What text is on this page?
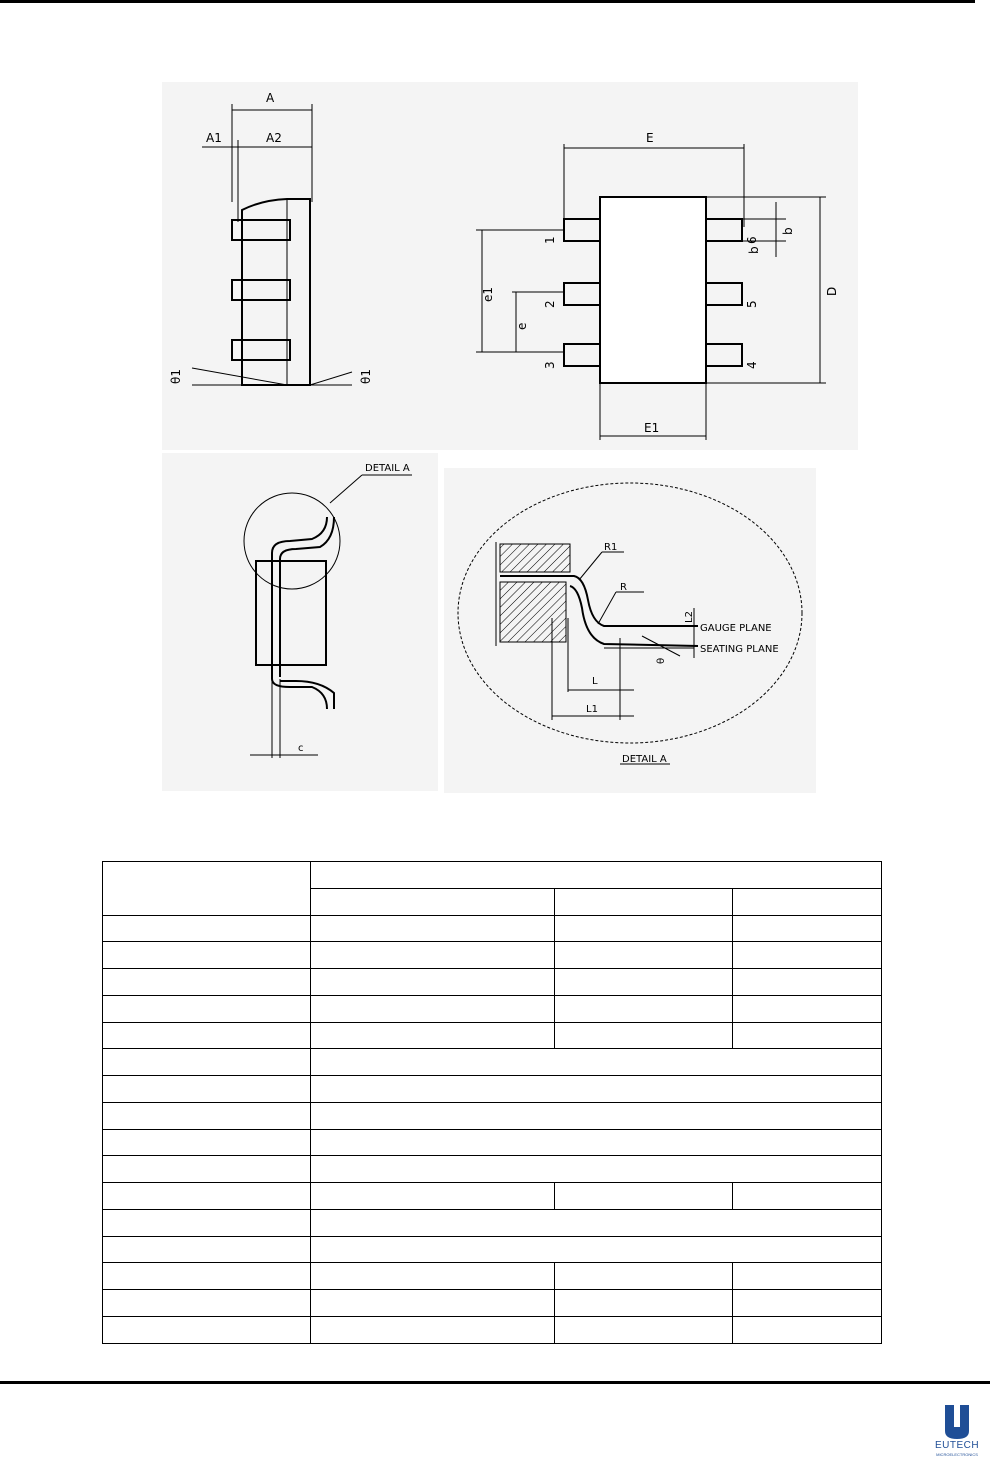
A
A1	A2
θ1	θ1
E
1
2
3	4
5
6
e1
e
b
b
D
E1
DETAIL A
c
R1
R
L2
GAUGE PLANE
SEATING PLANE
θ
L
L1
DETAIL A

EUTECH
MICROELECTRONICS
